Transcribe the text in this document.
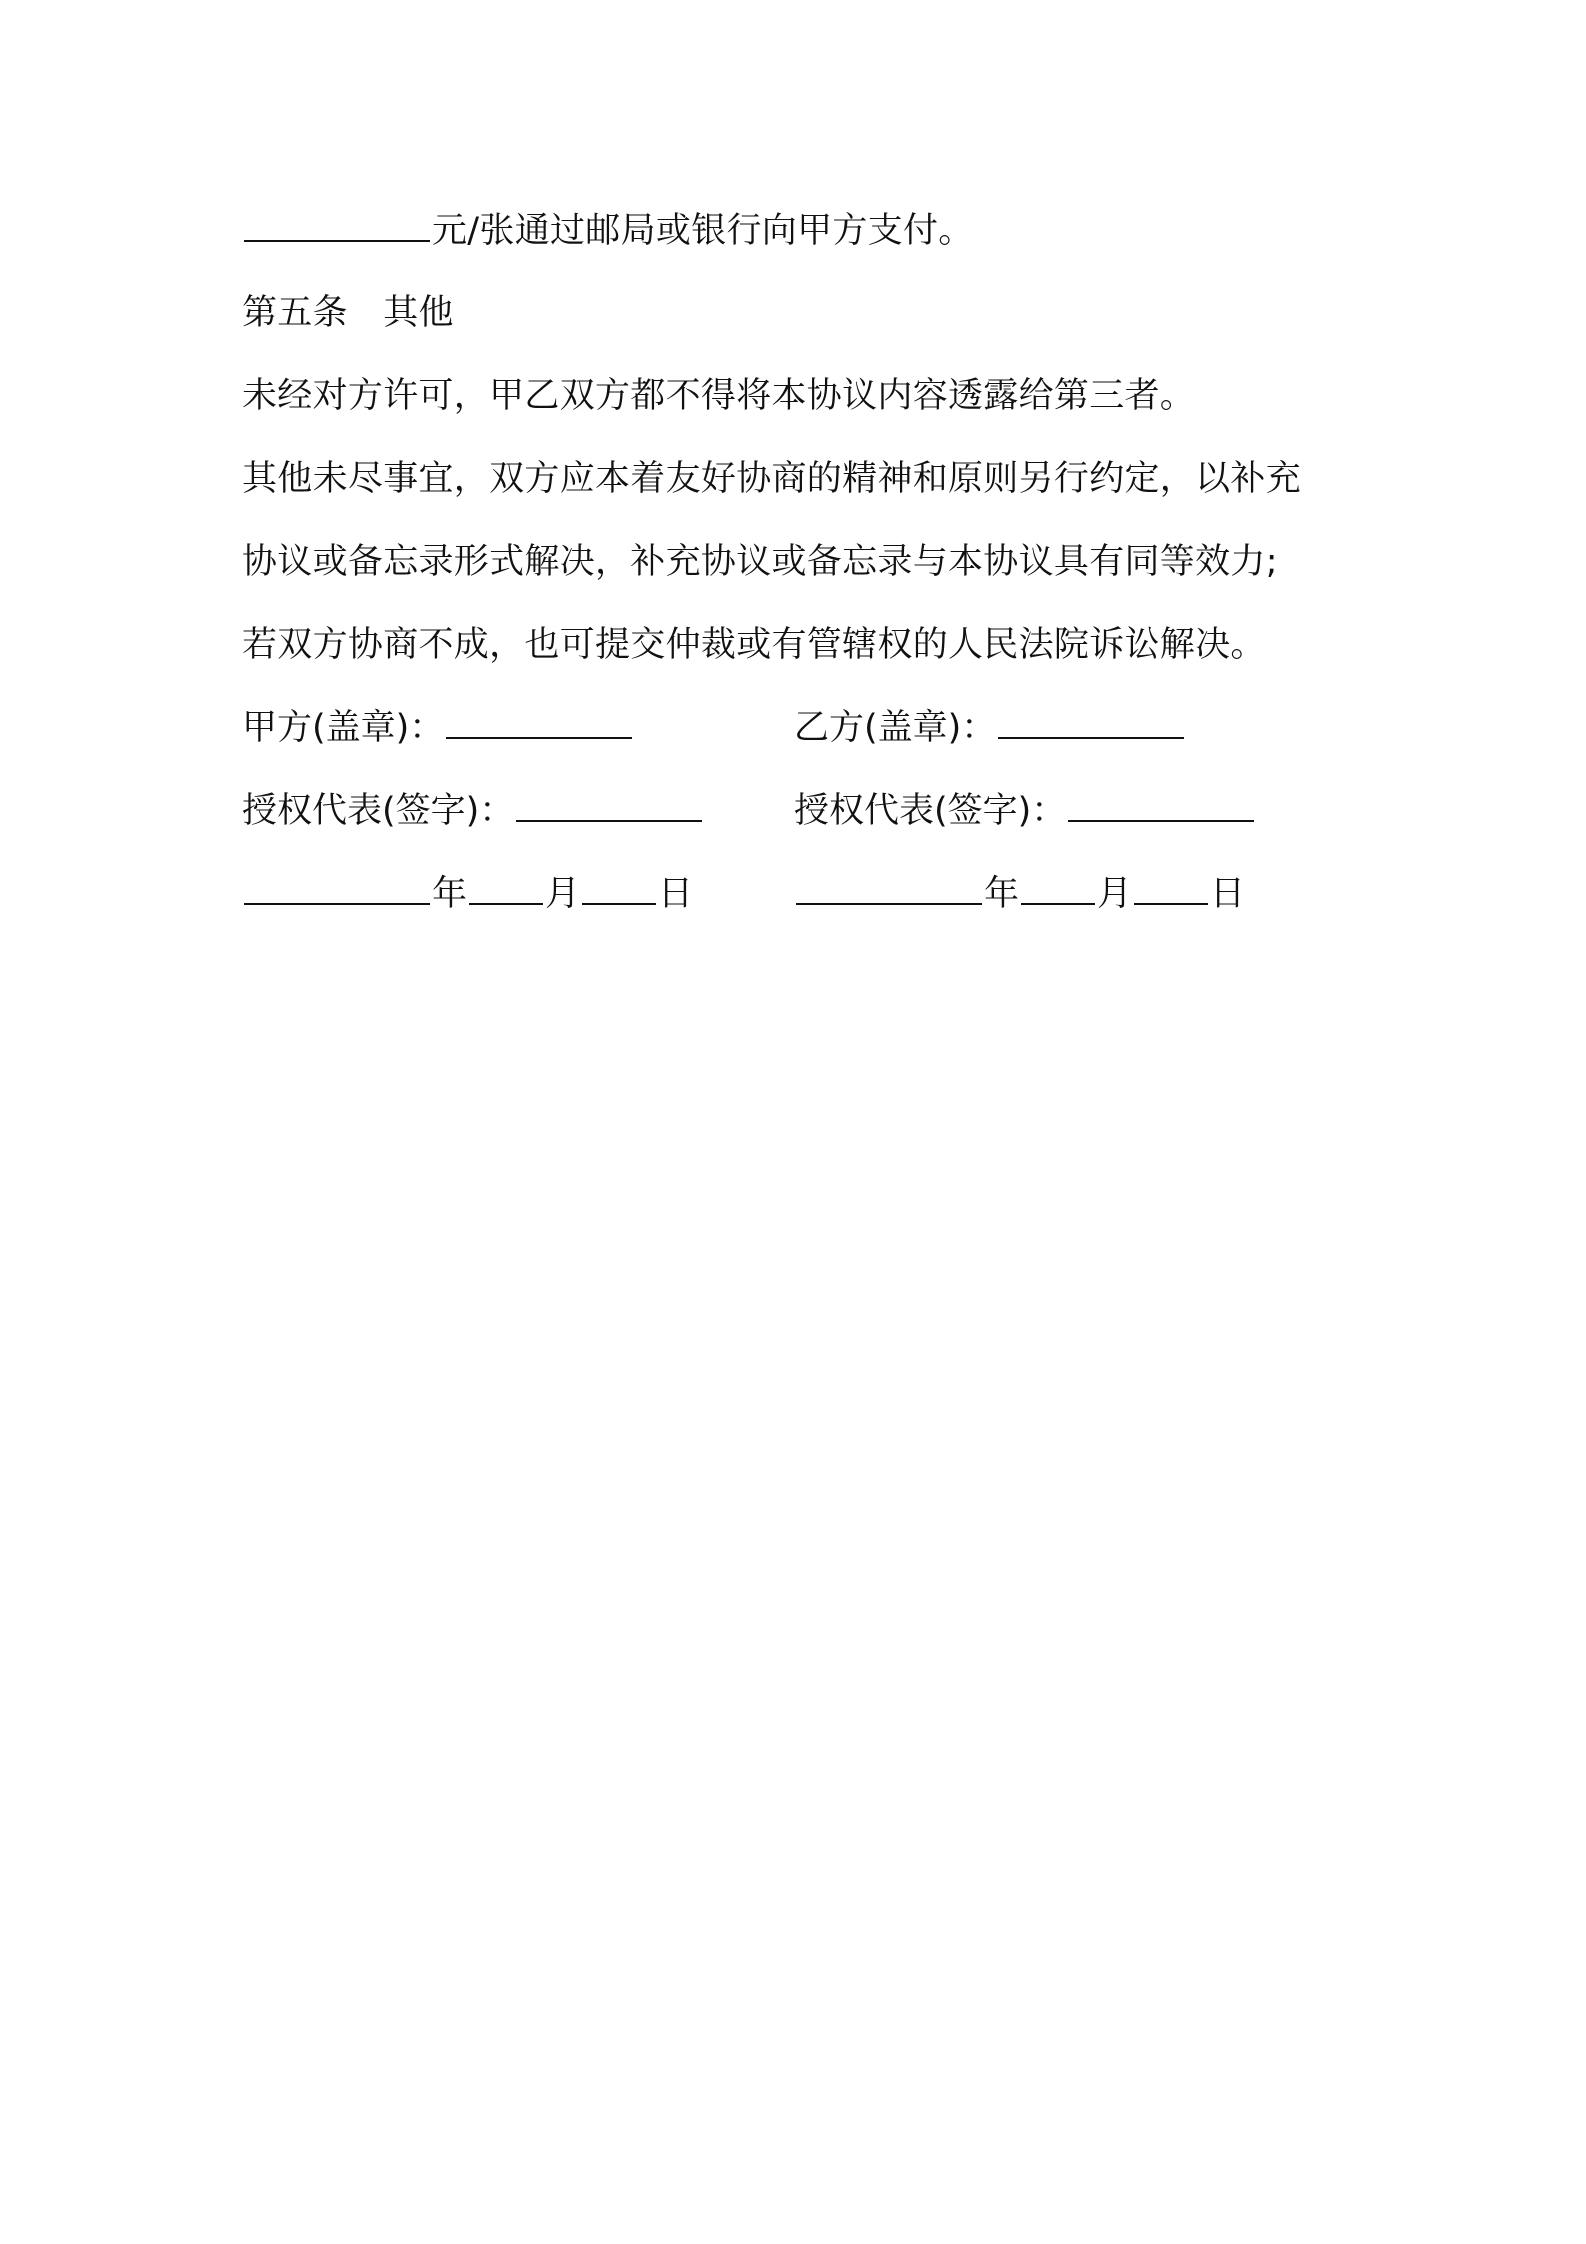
元/张通过邮局或银行向甲方支付。
第五条　其他
未经对方许可，甲乙双方都不得将本协议内容透露给第三者。
其他未尽事宜，双方应本着友好协商的精神和原则另行约定，以补充
协议或备忘录形式解决，补充协议或备忘录与本协议具有同等效力;
若双方协商不成，也可提交仲裁或有管辖权的人民法院诉讼解决。
甲方(盖章)：	乙方(盖章)：
授权代表(签字)：	授权代表(签字)：
年 月 日	年 月 日
